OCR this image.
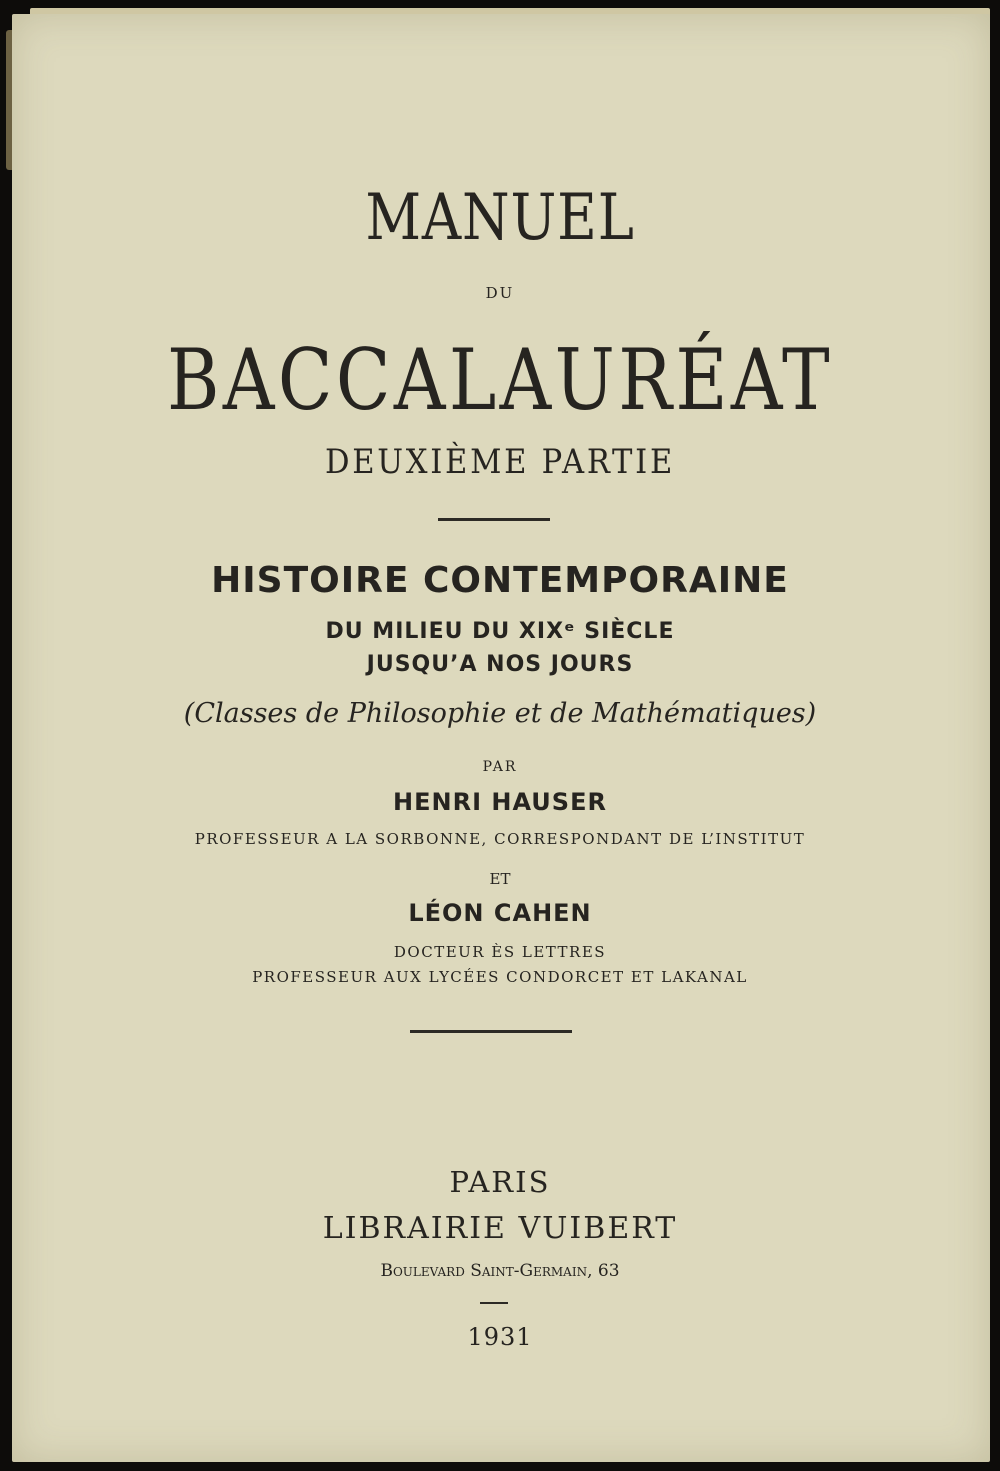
MANUEL
DU
BACCALAURÉAT
DEUXIÈME PARTIE
HISTOIRE CONTEMPORAINE
DU MILIEU DU XIXᵉ SIÈCLE
JUSQU’A NOS JOURS
(Classes de Philosophie et de Mathématiques)
PAR
HENRI HAUSER
PROFESSEUR A LA SORBONNE, CORRESPONDANT DE L’INSTITUT
ET
LÉON CAHEN
DOCTEUR ÈS LETTRES
PROFESSEUR AUX LYCÉES CONDORCET ET LAKANAL
PARIS
LIBRAIRIE VUIBERT
Boulevard Saint-Germain, 63
1931
